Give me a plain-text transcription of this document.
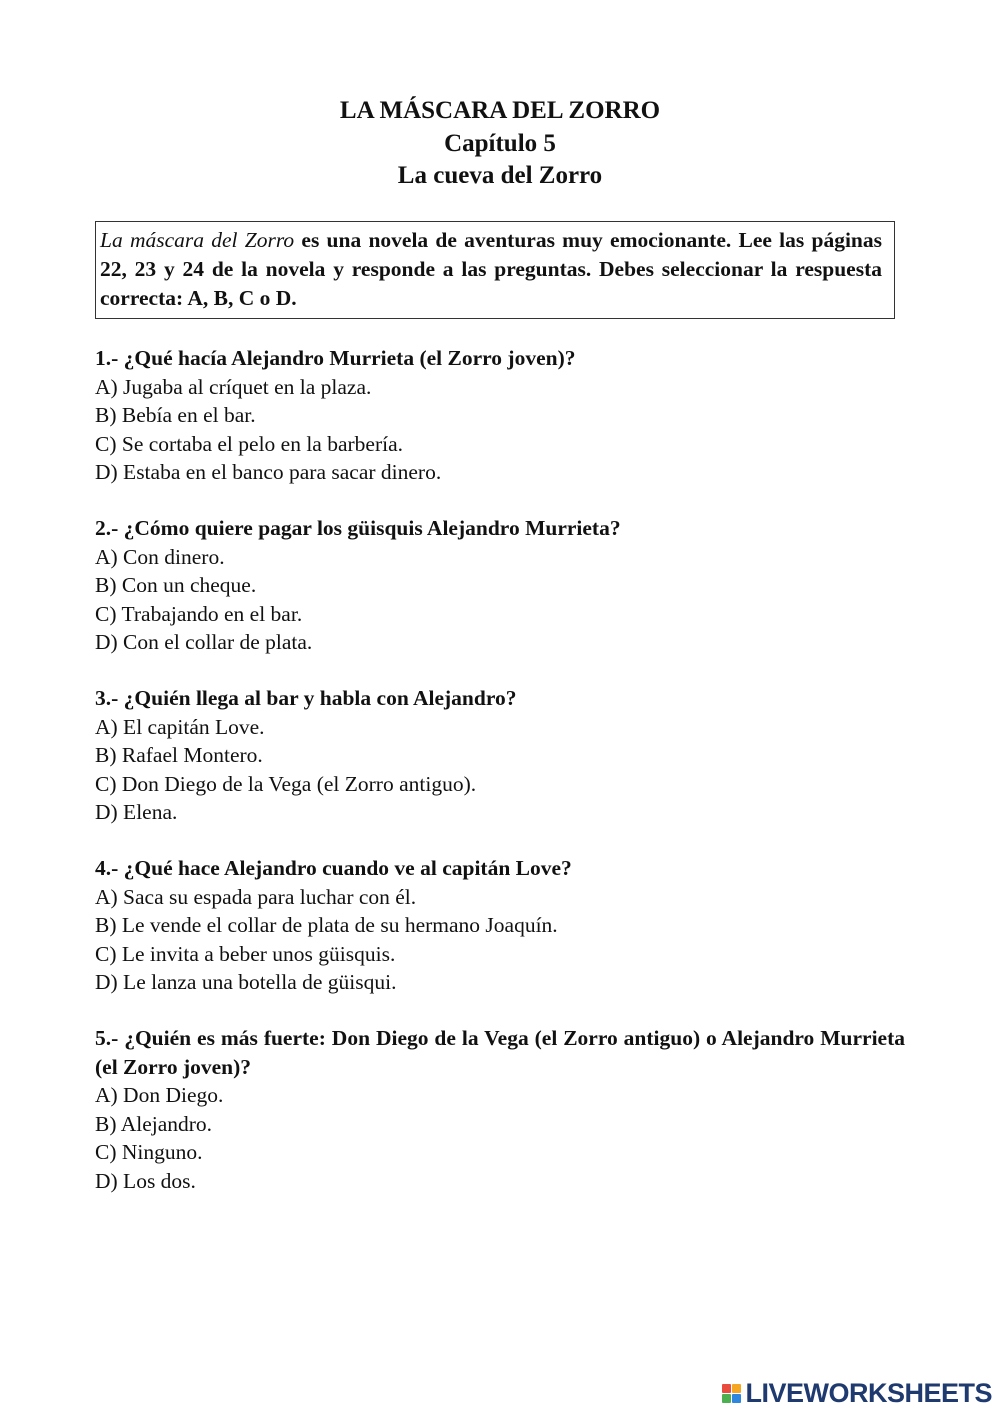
LA MÁSCARA DEL ZORRO
Capítulo 5
La cueva del Zorro
La máscara del Zorro es una novela de aventuras muy emocionante. Lee las páginas 22, 23 y 24 de la novela y responde a las preguntas. Debes seleccionar la respuesta correcta: A, B, C o D.
1.- ¿Qué hacía Alejandro Murrieta (el Zorro joven)?
A) Jugaba al críquet en la plaza.
B) Bebía en el bar.
C) Se cortaba el pelo en la barbería.
D) Estaba en el banco para sacar dinero.
2.- ¿Cómo quiere pagar los güisquis Alejandro Murrieta?
A) Con dinero.
B) Con un cheque.
C) Trabajando en el bar.
D) Con el collar de plata.
3.- ¿Quién llega al bar y habla con Alejandro?
A) El capitán Love.
B) Rafael Montero.
C) Don Diego de la Vega (el Zorro antiguo).
D) Elena.
4.- ¿Qué hace Alejandro cuando ve al capitán Love?
A) Saca su espada para luchar con él.
B) Le vende el collar de plata de su hermano Joaquín.
C) Le invita a beber unos güisquis.
D) Le lanza una botella de güisqui.
5.- ¿Quién es más fuerte: Don Diego de la Vega (el Zorro antiguo) o Alejandro Murrieta (el Zorro joven)?
A) Don Diego.
B) Alejandro.
C) Ninguno.
D) Los dos.
LIVEWORKSHEETS
